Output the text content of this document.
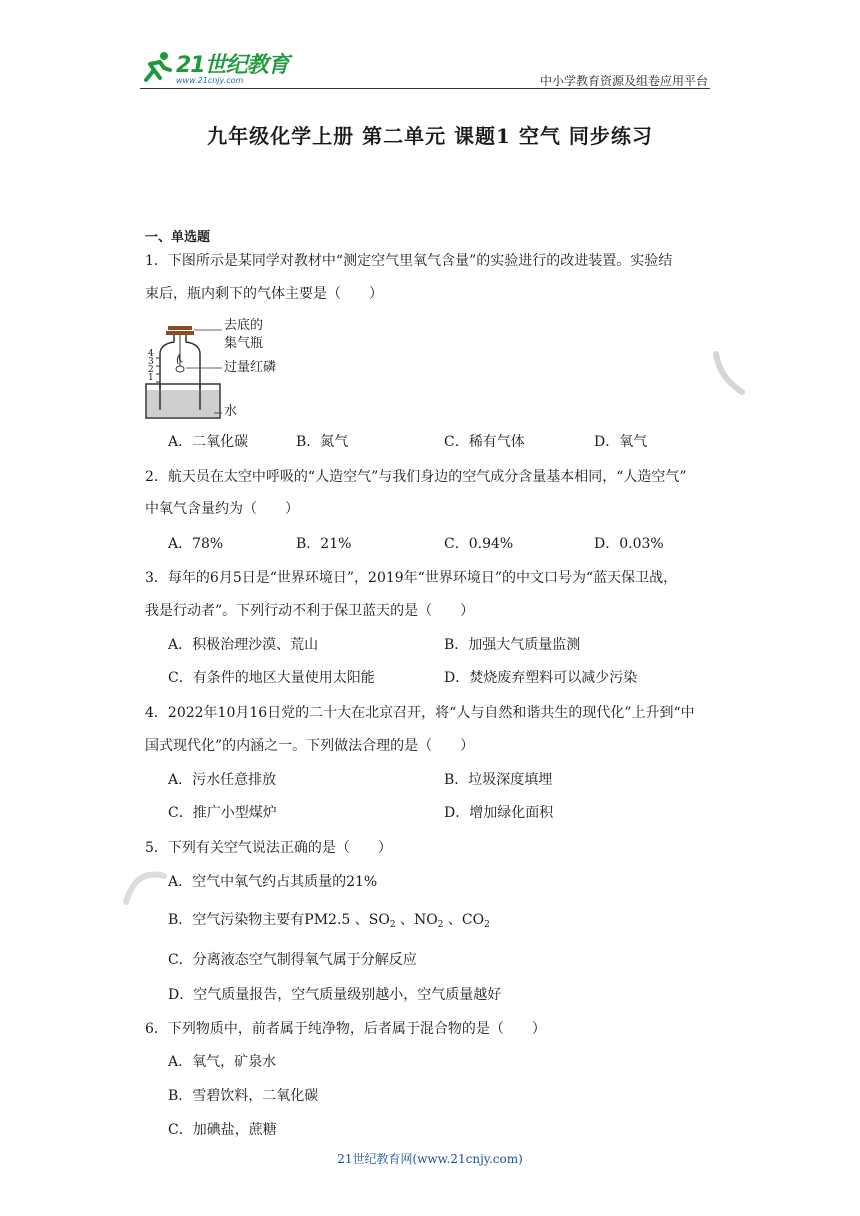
21世纪教育
www.21cnjy.com	中小学教育资源及组卷应用平台
九年级化学上册 第二单元 课题1 空气 同步练习
一、单选题
1．下图所示是某同学对教材中“测定空气里氧气含量”的实验进行的改进装置。实验结
束后，瓶内剩下的气体主要是（　　）
4
3
2
1
去底的
集气瓶
过量红磷
水
A．二氧化碳	B．氮气	C．稀有气体	D．氧气
2．航天员在太空中呼吸的“人造空气”与我们身边的空气成分含量基本相同，“人造空气”
中氧气含量约为（　　）
A．78%	B．21%	C．0.94%	D．0.03%
3．每年的6月5日是“世界环境日”，2019年“世界环境日”的中文口号为“蓝天保卫战，
我是行动者”。下列行动不利于保卫蓝天的是（　　）
A．积极治理沙漠、荒山	B．加强大气质量监测
C．有条件的地区大量使用太阳能	D．焚烧废弃塑料可以减少污染
4．2022年10月16日党的二十大在北京召开，将“人与自然和谐共生的现代化”上升到“中
国式现代化”的内涵之一。下列做法合理的是（　　）
A．污水任意排放	B．垃圾深度填埋
C．推广小型煤炉	D．增加绿化面积
5．下列有关空气说法正确的是（　　）
A．空气中氧气约占其质量的21%
B．空气污染物主要有PM2.5 、$SO_2$ 、$NO_2$ 、$CO_2$
C．分离液态空气制得氧气属于分解反应
D．空气质量报告，空气质量级别越小，空气质量越好
6．下列物质中，前者属于纯净物，后者属于混合物的是（　　）
A．氧气，矿泉水
B．雪碧饮料，二氧化碳
C．加碘盐，蔗糖
21世纪教育网(www.21cnjy.com)
